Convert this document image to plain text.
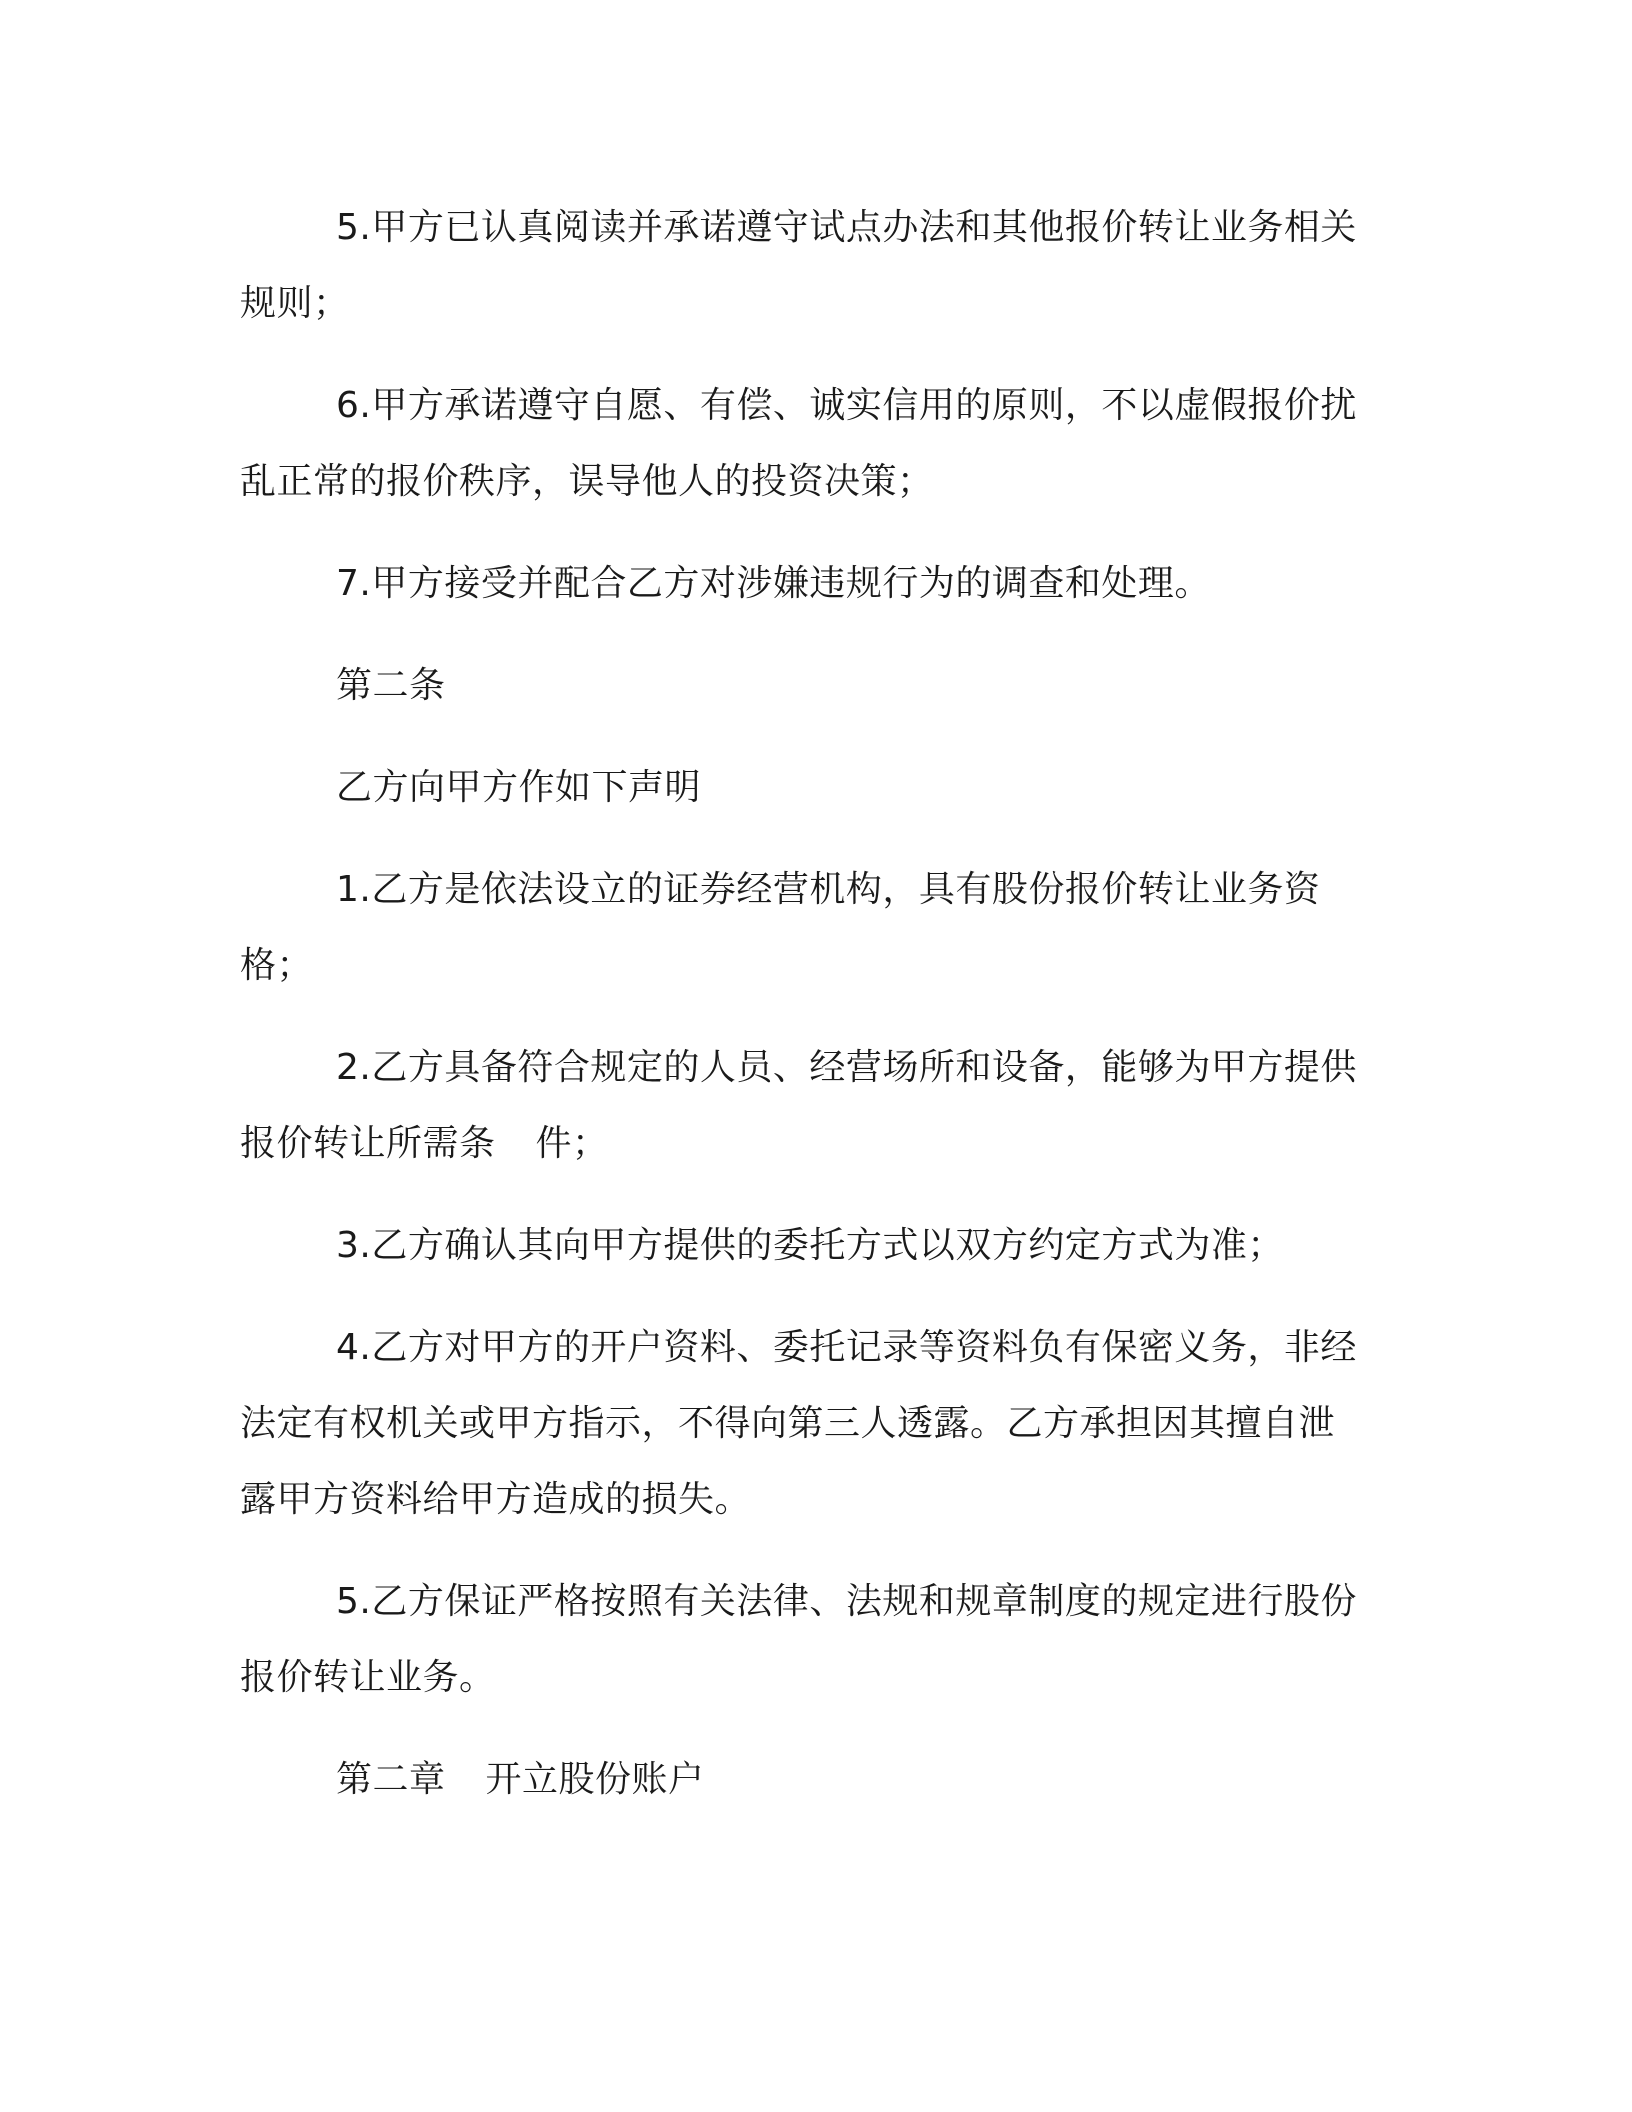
5.甲方已认真阅读并承诺遵守试点办法和其他报价转让业务相关
规则；

6.甲方承诺遵守自愿、有偿、诚实信用的原则，不以虚假报价扰
乱正常的报价秩序，误导他人的投资决策；

7.甲方接受并配合乙方对涉嫌违规行为的调查和处理。

第二条

乙方向甲方作如下声明

1.乙方是依法设立的证券经营机构，具有股份报价转让业务资格；

2.乙方具备符合规定的人员、经营场所和设备，能够为甲方提供
报价转让所需条 件；

3.乙方确认其向甲方提供的委托方式以双方约定方式为准；

4.乙方对甲方的开户资料、委托记录等资料负有保密义务，非经
法定有权机关或甲方指示，不得向第三人透露。乙方承担因其擅自泄
露甲方资料给甲方造成的损失。

5.乙方保证严格按照有关法律、法规和规章制度的规定进行股份
报价转让业务。

第二章 开立股份账户
